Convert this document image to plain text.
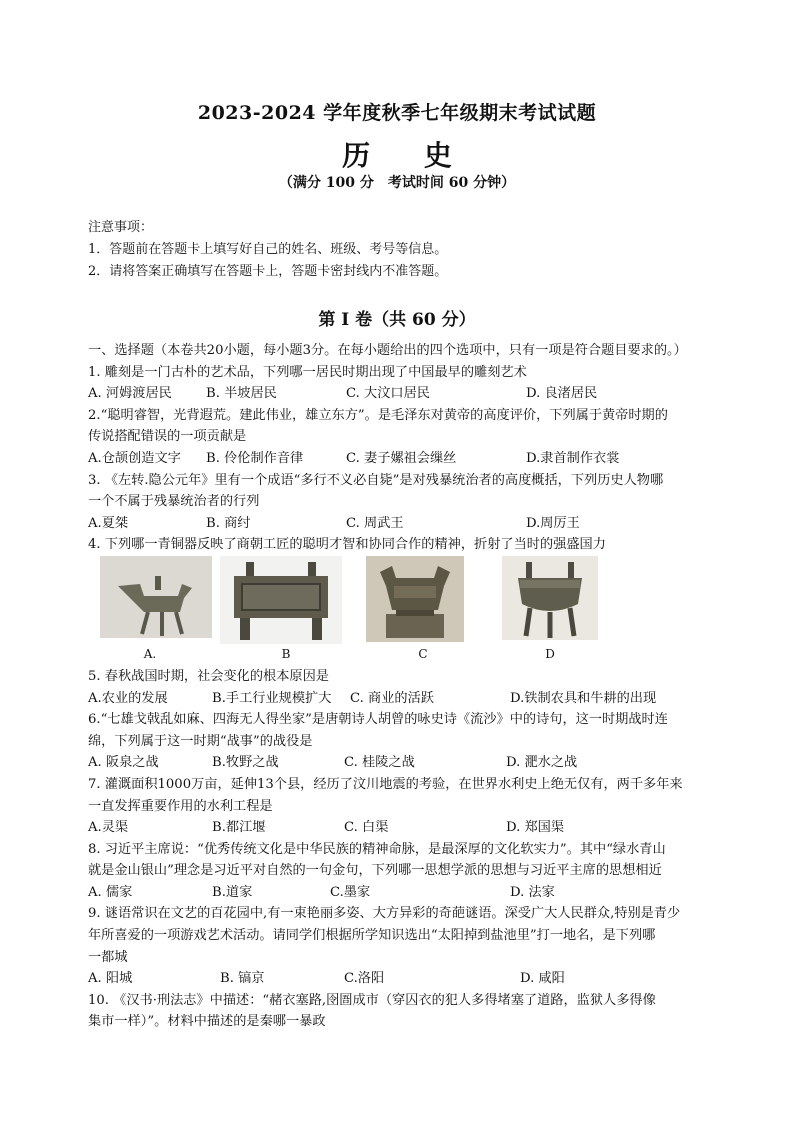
2023-2024 学年度秋季七年级期末考试试题
历 史
（满分 100 分　考试时间 60 分钟）
注意事项：
1．答题前在答题卡上填写好自己的姓名、班级、考号等信息。
2．请将答案正确填写在答题卡上，答题卡密封线内不准答题。
第 I 卷（共 60 分）
一、选择题（本卷共20小题，每小题3分。在每小题给出的四个选项中，只有一项是符合题目要求的。）
1. 雕刻是一门古朴的艺术品，下列哪一居民时期出现了中国最早的雕刻艺术
A. 河姆渡居民	B. 半坡居民	C. 大汶口居民	D. 良渚居民
2.“聪明睿智，光背遐荒。建此伟业，雄立东方”。是毛泽东对黄帝的高度评价，下列属于黄帝时期的
传说搭配错误的一项贡献是
A.仓颉创造文字	B. 伶伦制作音律	C. 妻子嫘祖会缫丝	D.隶首制作衣裳
3. 《左转.隐公元年》里有一个成语“多行不义必自毙”是对残暴统治者的高度概括，下列历史人物哪
一个不属于残暴统治者的行列
A.夏桀	B. 商纣	C. 周武王	D.周厉王
4. 下列哪一青铜器反映了商朝工匠的聪明才智和协同合作的精神，折射了当时的强盛国力
A.	B	C	D
5. 春秋战国时期，社会变化的根本原因是
A.农业的发展	B.手工行业规模扩大	C. 商业的活跃	D.铁制农具和牛耕的出现
6.“七雄戈戟乱如麻、四海无人得坐家”是唐朝诗人胡曾的咏史诗《流沙》中的诗句，这一时期战时连
绵，下列属于这一时期“战事”的战役是
A. 阪泉之战	B.牧野之战	C. 桂陵之战	D. 淝水之战
7. 灌溉面积1000万亩，延伸13个县，经历了汶川地震的考验，在世界水利史上绝无仅有，两千多年来
一直发挥重要作用的水利工程是
A.灵渠	B.都江堰	C. 白渠	D. 郑国渠
8. 习近平主席说：“优秀传统文化是中华民族的精神命脉，是最深厚的文化软实力”。其中“绿水青山
就是金山银山”理念是习近平对自然的一句金句，下列哪一思想学派的思想与习近平主席的思想相近
A. 儒家	B.道家	C.墨家	D. 法家
9. 谜语常识在文艺的百花园中,有一束艳丽多姿、大方异彩的奇葩谜语。深受广大人民群众,特别是青少
年所喜爱的一项游戏艺术活动。请同学们根据所学知识选出“太阳掉到盐池里”打一地名，是下列哪
一都城
A. 阳城	B. 镐京	C.洛阳	D. 咸阳
10. 《汉书·刑法志》中描述：“赭衣塞路,囹圄成市（穿囚衣的犯人多得堵塞了道路，监狱人多得像
集市一样）”。材料中描述的是秦哪一暴政
